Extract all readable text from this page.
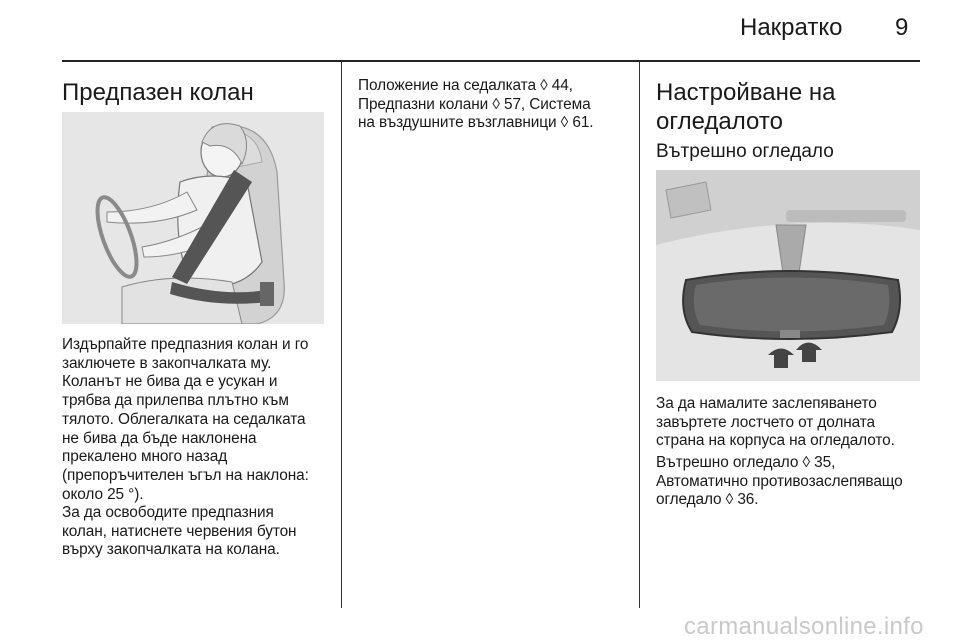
Накратко 9
Предпазен колан

Издърпайте предпазния колан и го
заключете в закопчалката му.
Коланът не бива да е усукан и
трябва да прилепва плътно към
тялото. Облегалката на седалката
не бива да бъде наклонена
прекалено много назад
(препоръчителен ъгъл на наклона:
около 25 °).

За да освободите предпазния
колан, натиснете червения бутон
върху закопчалката на колана.

Положение на седалката ◊ 44,
Предпазни колани ◊ 57, Система
на въздушните възглавници ◊ 61.

Настройване на
огледалото
Вътрешно огледало

За да намалите заслепяването
завъртете лостчето от долната
страна на корпуса на огледалото.

Вътрешно огледало ◊ 35,
Автоматично противозаслепяващо
огледало ◊ 36.

carmanualsonline.info
